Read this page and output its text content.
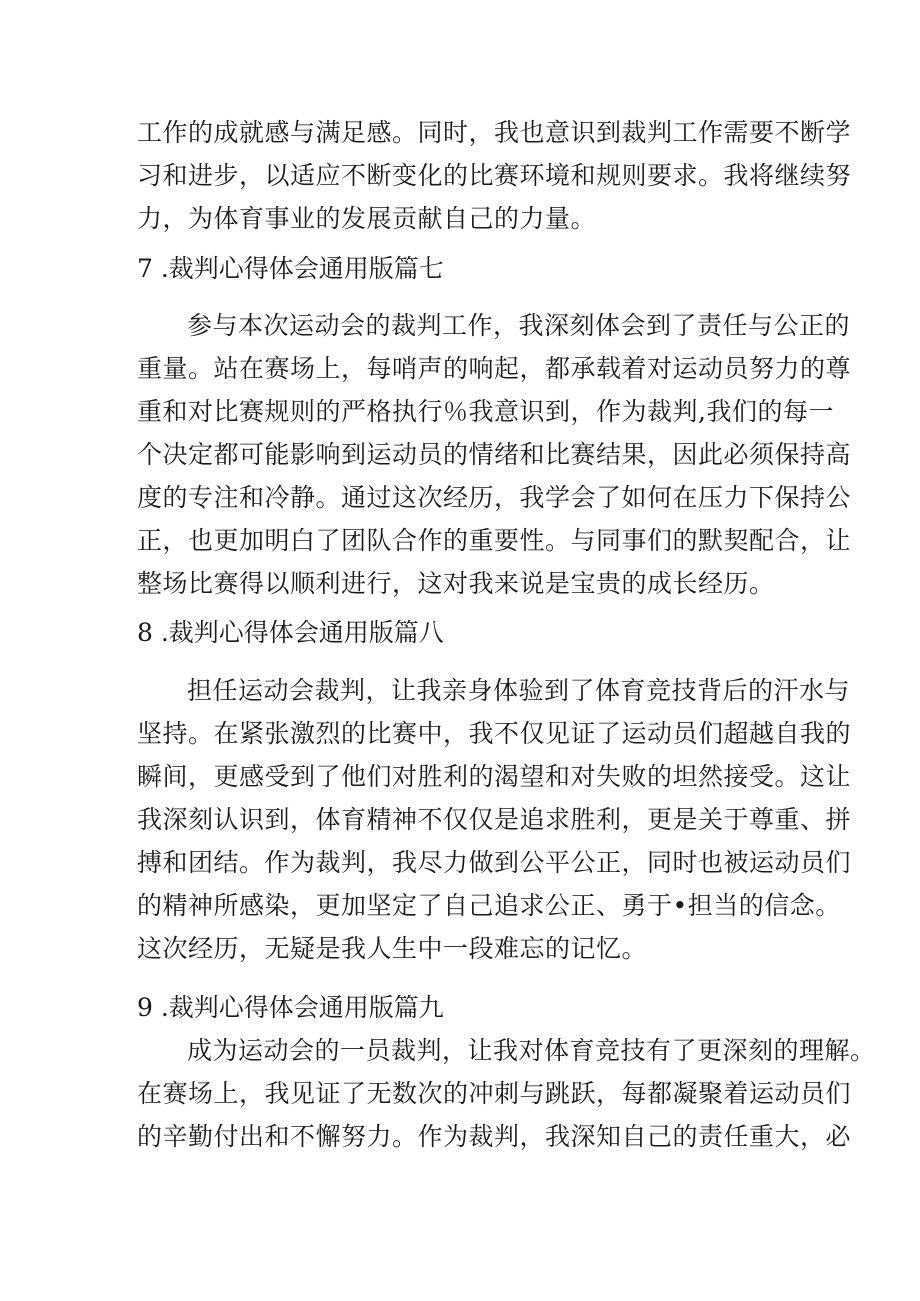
工作的成就感与满足感。同时，我也意识到裁判工作需要不断学
习和进步，以适应不断变化的比赛环境和规则要求。我将继续努
力，为体育事业的发展贡献自己的力量。
7 .裁判心得体会通用版篇七
参与本次运动会的裁判工作，我深刻体会到了责任与公正的
重量。站在赛场上，每哨声的响起，都承载着对运动员努力的尊
重和对比赛规则的严格执行％我意识到，作为裁判,我们的每一
个决定都可能影响到运动员的情绪和比赛结果，因此必须保持高
度的专注和冷静。通过这次经历，我学会了如何在压力下保持公
正，也更加明白了团队合作的重要性。与同事们的默契配合，让
整场比赛得以顺利进行，这对我来说是宝贵的成长经历。
8 .裁判心得体会通用版篇八
担任运动会裁判，让我亲身体验到了体育竞技背后的汗水与
坚持。在紧张激烈的比赛中，我不仅见证了运动员们超越自我的
瞬间，更感受到了他们对胜利的渴望和对失败的坦然接受。这让
我深刻认识到，体育精神不仅仅是追求胜利，更是关于尊重、拼
搏和团结。作为裁判，我尽力做到公平公正，同时也被运动员们
的精神所感染，更加坚定了自己追求公正、勇于•担当的信念。
这次经历，无疑是我人生中一段难忘的记忆。
9 .裁判心得体会通用版篇九
成为运动会的一员裁判，让我对体育竞技有了更深刻的理解。
在赛场上，我见证了无数次的冲刺与跳跃，每都凝聚着运动员们
的辛勤付出和不懈努力。作为裁判，我深知自己的责任重大，必
